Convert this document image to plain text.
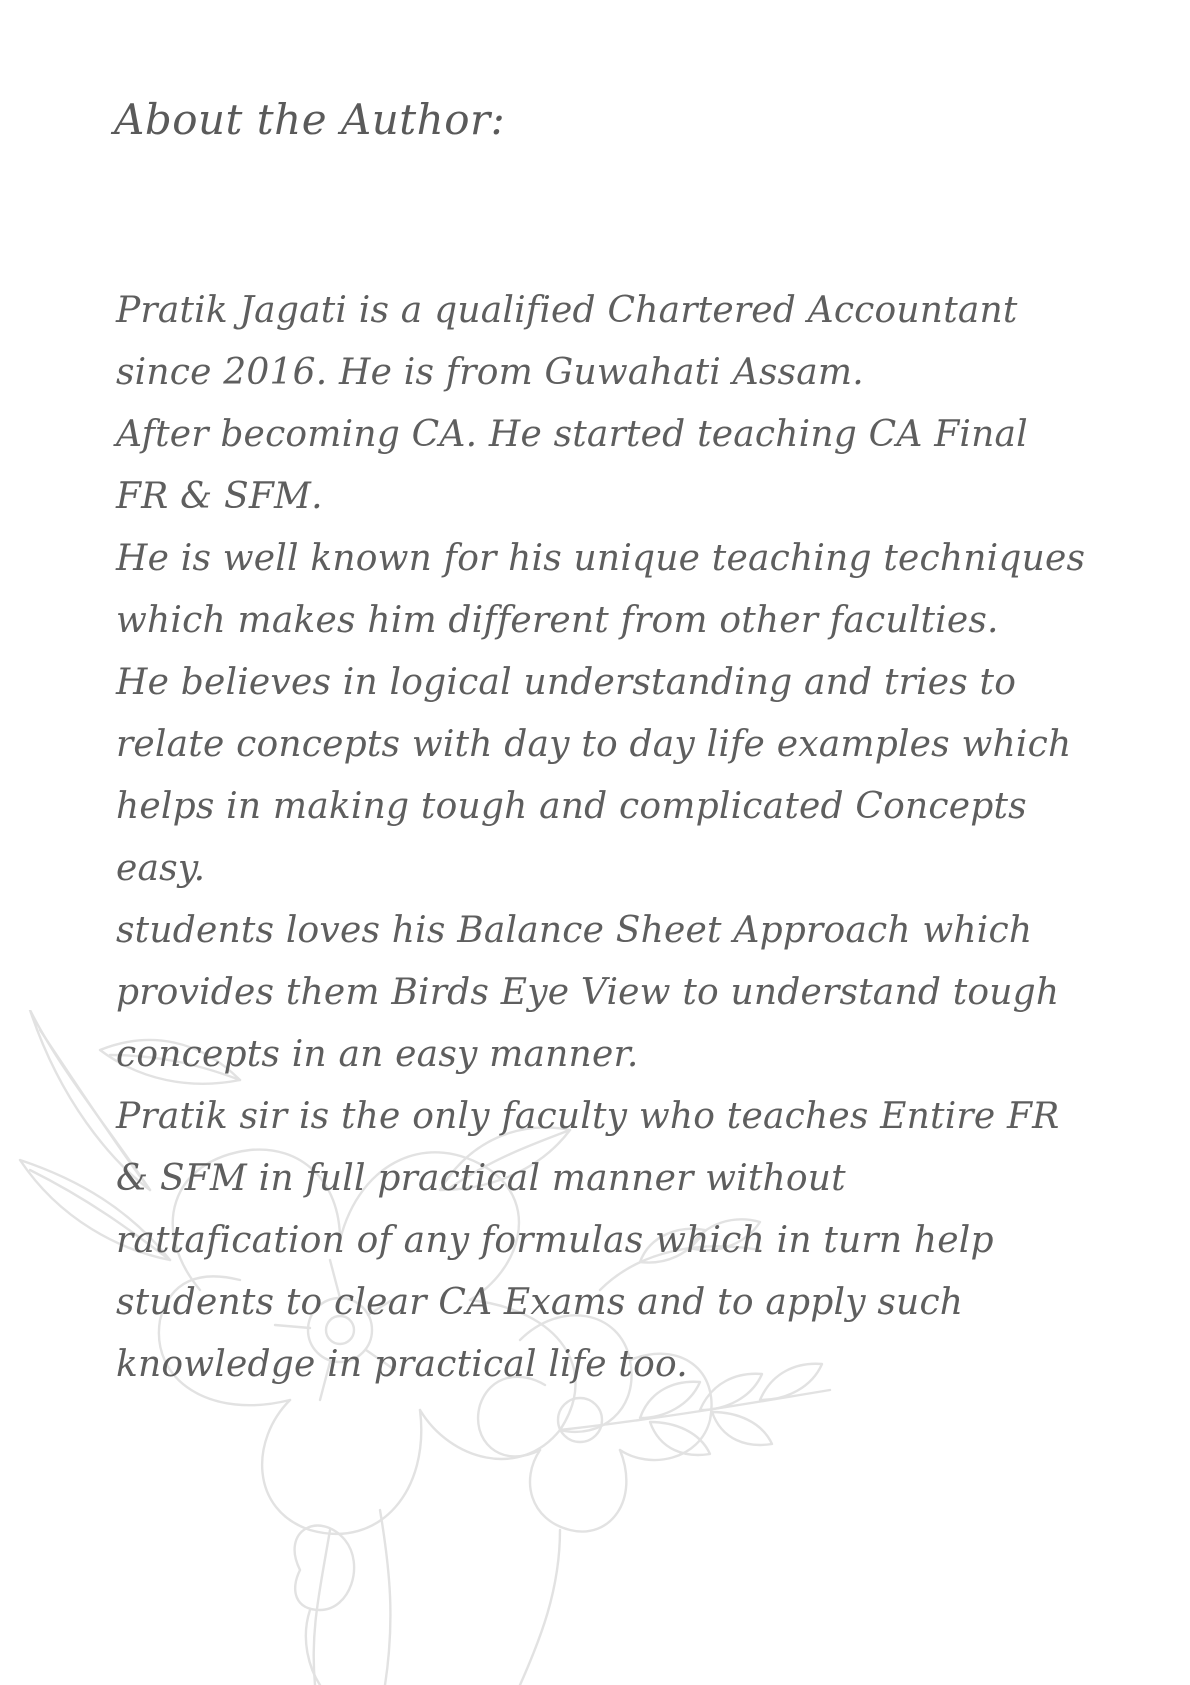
About the Author:
Pratik Jagati is a qualified Chartered Accountant
since 2016. He is from Guwahati Assam.
After becoming CA. He started teaching CA Final
FR & SFM.
He is well known for his unique teaching techniques
which makes him different from other faculties.
He believes in logical understanding and tries to
relate concepts with day to day life examples which
helps in making tough and complicated Concepts
easy.
students loves his Balance Sheet Approach which
provides them Birds Eye View to understand tough
concepts in an easy manner.
Pratik sir is the only faculty who teaches Entire FR
& SFM in full practical manner without
rattafication of any formulas which in turn help
students to clear CA Exams and to apply such
knowledge in practical life too.
